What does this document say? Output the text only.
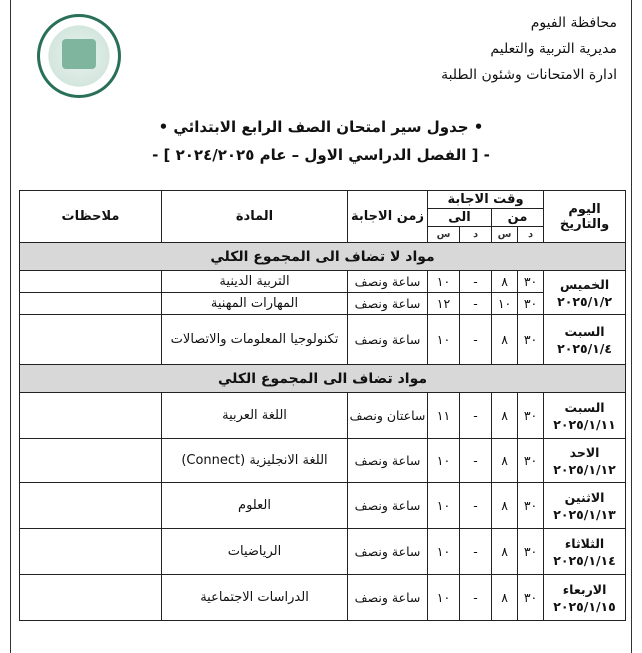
محافظة الفيوم
مديرية التربية والتعليم
ادارة الامتحانات وشئون الطلبة
• جدول سير امتحان الصف الرابع الابتدائي •
- [ الفصل الدراسي الاول – عام ٢٠٢٤/٢٠٢٥ ] -
اليوم والتاريخ	وقت الاجابة				زمن الاجابة	المادة	ملاحظات
	من		الى				
	د	س	د	س			
مواد لا تضاف الى المجموع الكلي							

الخميس
٢٠٢٥/١/٢	٣٠	٨	-	١٠	ساعة ونصف	التربية الدينية	
	٣٠	١٠	-	١٢	ساعة ونصف	المهارات المهنية	

السبت
٢٠٢٥/١/٤	٣٠	٨	-	١٠	ساعة ونصف	تكنولوجيا المعلومات والاتصالات	
مواد تضاف الى المجموع الكلي							

السبت
٢٠٢٥/١/١١	٣٠	٨	-	١١	ساعتان ونصف	اللغة العربية	

الاحد
٢٠٢٥/١/١٢	٣٠	٨	-	١٠	ساعة ونصف	اللغة الانجليزية (Connect)	

الاثنين
٢٠٢٥/١/١٣	٣٠	٨	-	١٠	ساعة ونصف	العلوم	

الثلاثاء
٢٠٢٥/١/١٤	٣٠	٨	-	١٠	ساعة ونصف	الرياضيات	

الاربعاء
٢٠٢٥/١/١٥	٣٠	٨	-	١٠	ساعة ونصف	الدراسات الاجتماعية	
